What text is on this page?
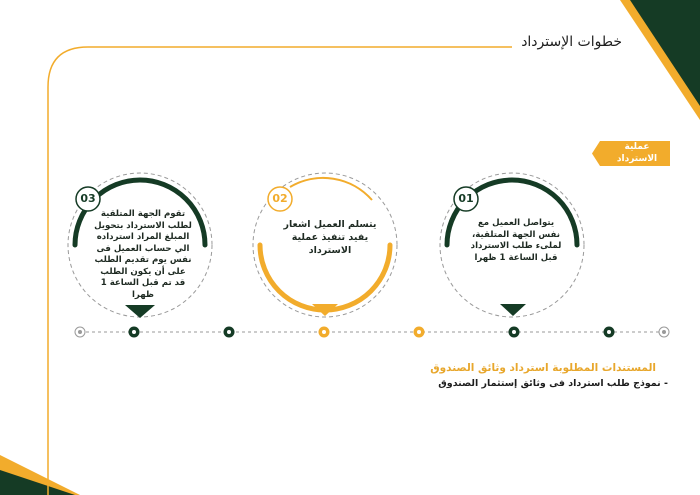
خطوات الإسترداد
عملية الاسترداد
03	02	01
تقوم الجهة المتلقية لطلب الاسترداد بتحويل المبلغ المراد استرداده الي حساب العميل فى نفس يوم تقديم الطلب على أن يكون الطلب قد تم قبل الساعة 1 ظهرا
يتسلم العميل اشعار يفيد تنفيذ عملية الاسترداد
يتواصل العميل مع نفس الجهة المتلقية، لملىء طلب الاسترداد قبل الساعة 1 ظهرا
المستندات المطلوبة استرداد وثائق الصندوق
- نموذج طلب استرداد فى وثائق إستثمار الصندوق
